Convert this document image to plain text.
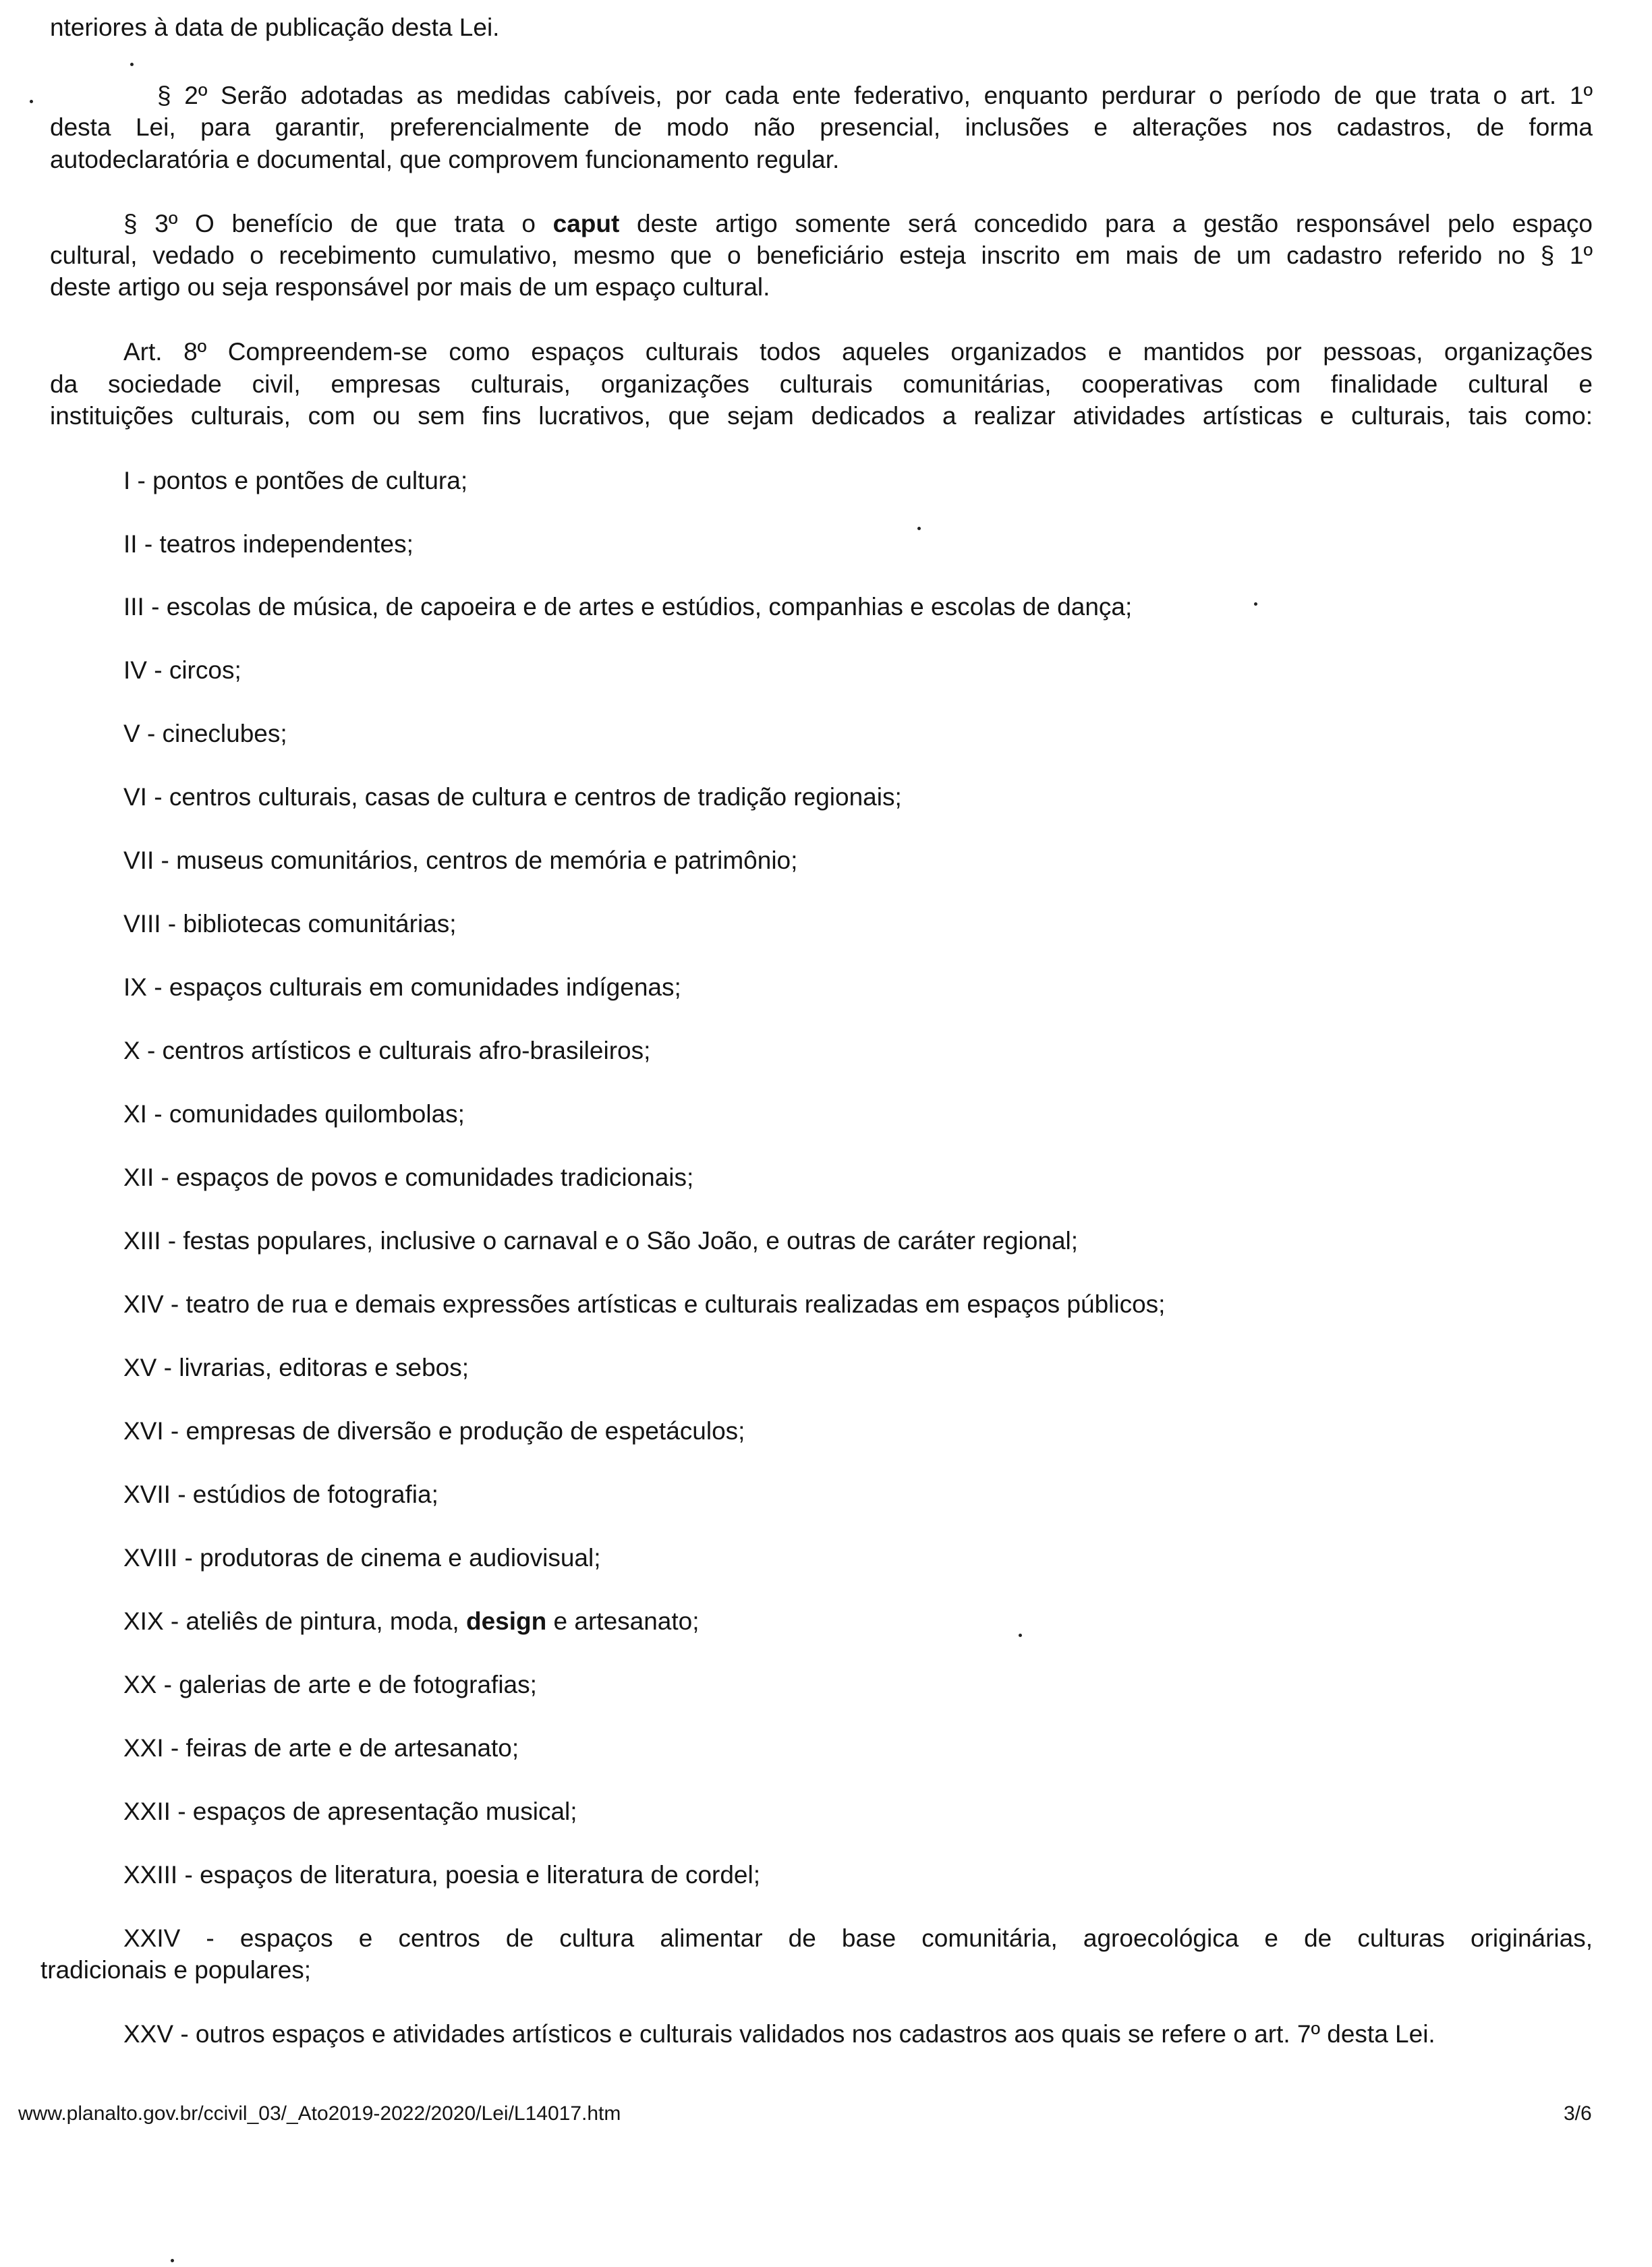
nteriores à data de publicação desta Lei.
§ 2º Serão adotadas as medidas cabíveis, por cada ente federativo, enquanto perdurar o período de que trata o art. 1º
desta Lei, para garantir, preferencialmente de modo não presencial, inclusões e alterações nos cadastros, de forma
autodeclaratória e documental, que comprovem funcionamento regular.
§ 3º O benefício de que trata o caput deste artigo somente será concedido para a gestão responsável pelo espaço
cultural, vedado o recebimento cumulativo, mesmo que o beneficiário esteja inscrito em mais de um cadastro referido no § 1º
deste artigo ou seja responsável por mais de um espaço cultural.
Art. 8º Compreendem-se como espaços culturais todos aqueles organizados e mantidos por pessoas, organizações
da sociedade civil, empresas culturais, organizações culturais comunitárias, cooperativas com finalidade cultural e
instituições culturais, com ou sem fins lucrativos, que sejam dedicados a realizar atividades artísticas e culturais, tais como:
I - pontos e pontões de cultura;
II - teatros independentes;
III - escolas de música, de capoeira e de artes e estúdios, companhias e escolas de dança;
IV - circos;
V - cineclubes;
VI - centros culturais, casas de cultura e centros de tradição regionais;
VII - museus comunitários, centros de memória e patrimônio;
VIII - bibliotecas comunitárias;
IX - espaços culturais em comunidades indígenas;
X - centros artísticos e culturais afro-brasileiros;
XI - comunidades quilombolas;
XII - espaços de povos e comunidades tradicionais;
XIII - festas populares, inclusive o carnaval e o São João, e outras de caráter regional;
XIV - teatro de rua e demais expressões artísticas e culturais realizadas em espaços públicos;
XV - livrarias, editoras e sebos;
XVI - empresas de diversão e produção de espetáculos;
XVII - estúdios de fotografia;
XVIII - produtoras de cinema e audiovisual;
XIX - ateliês de pintura, moda, design e artesanato;
XX - galerias de arte e de fotografias;
XXI - feiras de arte e de artesanato;
XXII - espaços de apresentação musical;
XXIII - espaços de literatura, poesia e literatura de cordel;
XXIV - espaços e centros de cultura alimentar de base comunitária, agroecológica e de culturas originárias,
tradicionais e populares;
XXV - outros espaços e atividades artísticos e culturais validados nos cadastros aos quais se refere o art. 7º desta Lei.
www.planalto.gov.br/ccivil_03/_Ato2019-2022/2020/Lei/L14017.htm	3/6
